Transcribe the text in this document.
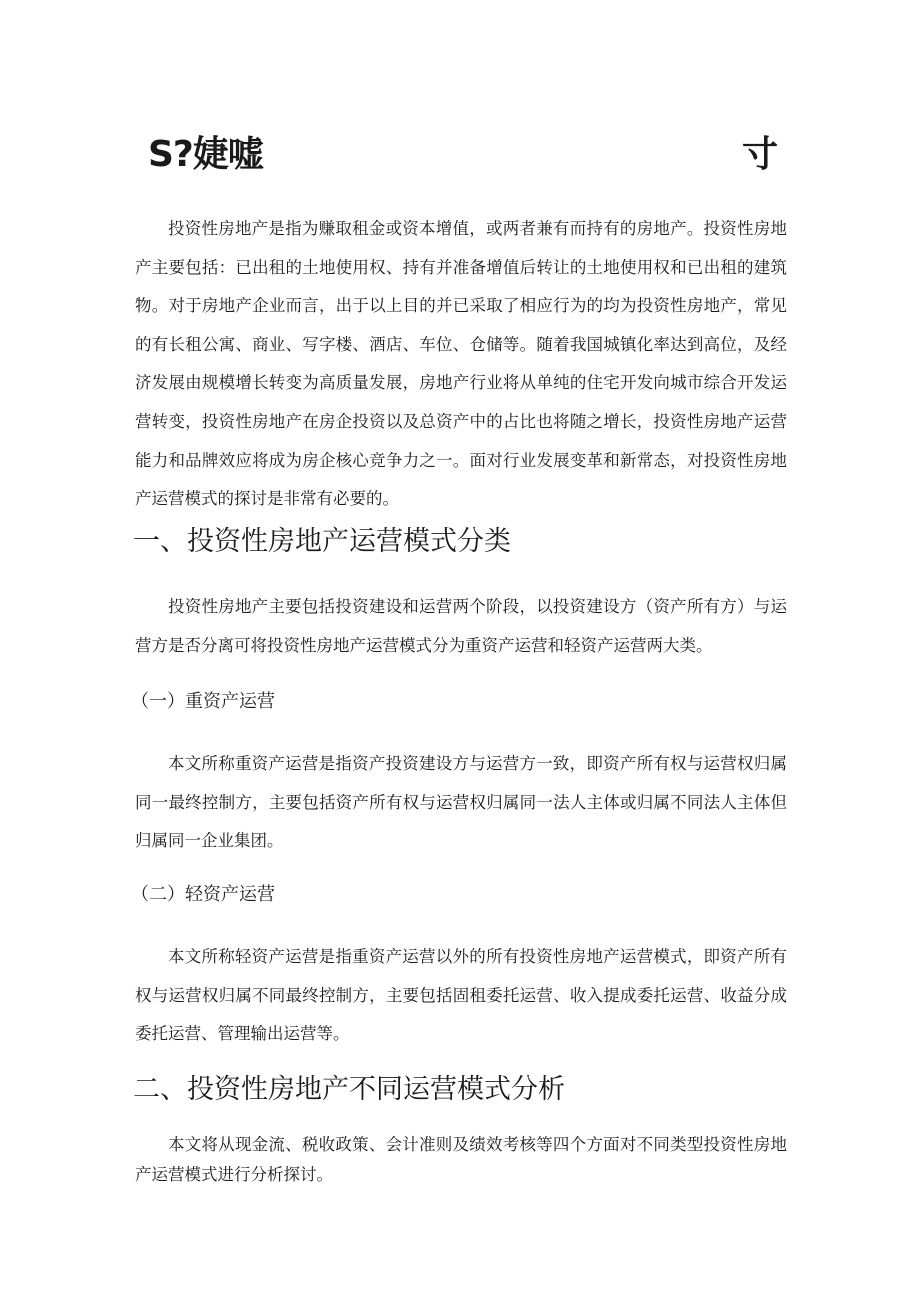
S?婕嘘	寸

投资性房地产是指为赚取租金或资本增值，或两者兼有而持有的房地产。投资性房地产主要包括：已出租的土地使用权、持有并准备增值后转让的土地使用权和已出租的建筑物。对于房地产企业而言，出于以上目的并已采取了相应行为的均为投资性房地产，常见的有长租公寓、商业、写字楼、酒店、车位、仓储等。随着我国城镇化率达到高位，及经济发展由规模增长转变为高质量发展，房地产行业将从单纯的住宅开发向城市综合开发运营转变，投资性房地产在房企投资以及总资产中的占比也将随之增长，投资性房地产运营能力和品牌效应将成为房企核心竞争力之一。面对行业发展变革和新常态，对投资性房地产运营模式的探讨是非常有必要的。

一、投资性房地产运营模式分类

投资性房地产主要包括投资建设和运营两个阶段，以投资建设方（资产所有方）与运营方是否分离可将投资性房地产运营模式分为重资产运营和轻资产运营两大类。

（一）重资产运营

本文所称重资产运营是指资产投资建设方与运营方一致，即资产所有权与运营权归属同一最终控制方，主要包括资产所有权与运营权归属同一法人主体或归属不同法人主体但归属同一企业集团。

（二）轻资产运营

本文所称轻资产运营是指重资产运营以外的所有投资性房地产运营模式，即资产所有权与运营权归属不同最终控制方，主要包括固租委托运营、收入提成委托运营、收益分成委托运营、管理输出运营等。

二、投资性房地产不同运营模式分析

本文将从现金流、税收政策、会计准则及绩效考核等四个方面对不同类型投资性房地产运营模式进行分析探讨。
